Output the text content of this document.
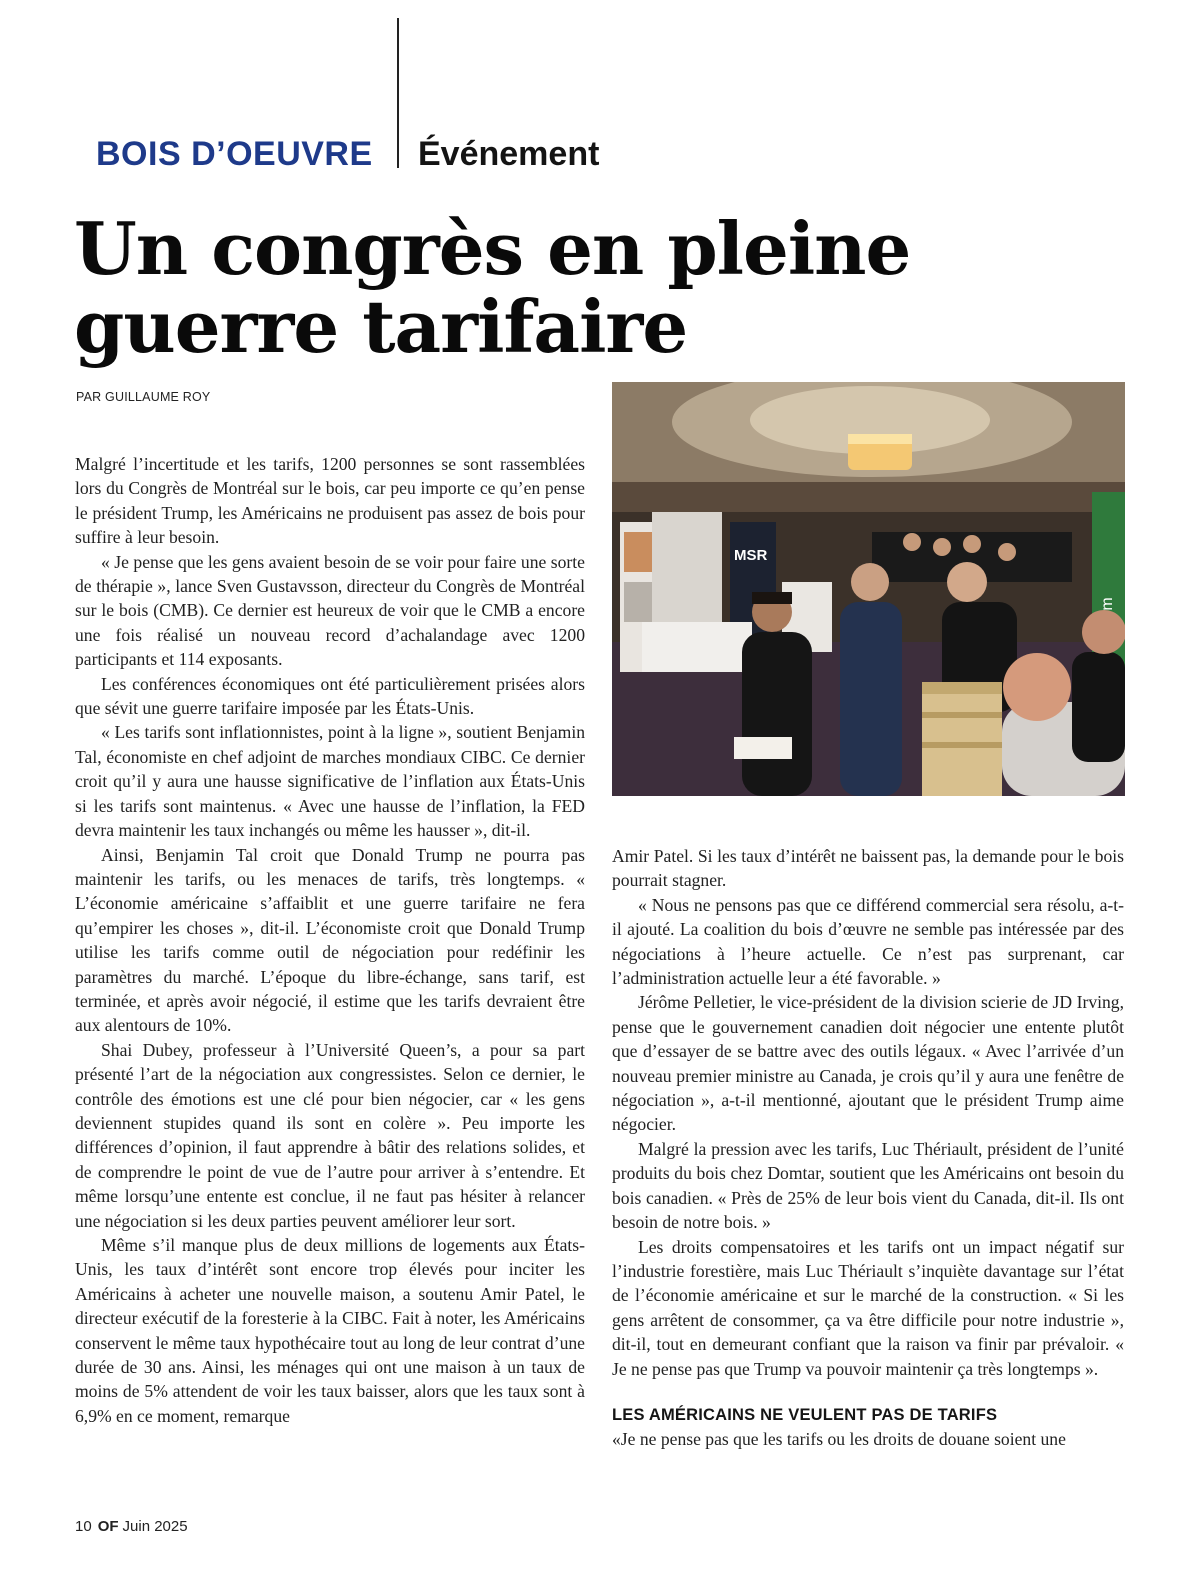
BOIS D’OEUVRE Événement
Un congrès en pleine guerre tarifaire
PAR GUILLAUME ROY

Malgré l’incertitude et les tarifs, 1200 personnes se sont rassemblées lors du Congrès de Montréal sur le bois, car peu importe ce qu’en pense le président Trump, les Américains ne produisent pas assez de bois pour suffire à leur besoin.

« Je pense que les gens avaient besoin de se voir pour faire une sorte de thérapie », lance Sven Gustavsson, directeur du Congrès de Montréal sur le bois (CMB). Ce dernier est heureux de voir que le CMB a encore une fois réalisé un nouveau record d’achalandage avec 1200 participants et 114 exposants.

Les conférences économiques ont été particulièrement prisées alors que sévit une guerre tarifaire imposée par les États-Unis.

« Les tarifs sont inflationnistes, point à la ligne », soutient Benjamin Tal, économiste en chef adjoint de marches mondiaux CIBC. Ce dernier croit qu’il y aura une hausse significative de l’inflation aux États-Unis si les tarifs sont maintenus. « Avec une hausse de l’inflation, la FED devra maintenir les taux inchangés ou même les hausser », dit-il.

Ainsi, Benjamin Tal croit que Donald Trump ne pourra pas maintenir les tarifs, ou les menaces de tarifs, très longtemps. « L’économie américaine s’affaiblit et une guerre tarifaire ne fera qu’empirer les choses », dit-il. L’économiste croit que Donald Trump utilise les tarifs comme outil de négociation pour redéfinir les paramètres du marché. L’époque du libre-échange, sans tarif, est terminée, et après avoir négocié, il estime que les tarifs devraient être aux alentours de 10%.

Shai Dubey, professeur à l’Université Queen’s, a pour sa part présenté l’art de la négociation aux congressistes. Selon ce dernier, le contrôle des émotions est une clé pour bien négocier, car « les gens deviennent stupides quand ils sont en colère ». Peu importe les différences d’opinion, il faut apprendre à bâtir des relations solides, et de comprendre le point de vue de l’autre pour arriver à s’entendre. Et même lorsqu’une entente est conclue, il ne faut pas hésiter à relancer une négociation si les deux parties peuvent améliorer leur sort.

Même s’il manque plus de deux millions de logements aux États-Unis, les taux d’intérêt sont encore trop élevés pour inciter les Américains à acheter une nouvelle maison, a soutenu Amir Patel, le directeur exécutif de la foresterie à la CIBC. Fait à noter, les Américains conservent le même taux hypothécaire tout au long de leur contrat d’une durée de 30 ans. Ainsi, les ménages qui ont une maison à un taux de moins de 5% attendent de voir les taux baisser, alors que les taux sont à 6,9% en ce moment, remarque

MSR

Amir Patel. Si les taux d’intérêt ne baissent pas, la demande pour le bois pourrait stagner.

« Nous ne pensons pas que ce différend commercial sera résolu, a-t-il ajouté. La coalition du bois d’œuvre ne semble pas intéressée par des négociations à l’heure actuelle. Ce n’est pas surprenant, car l’administration actuelle leur a été favorable. »

Jérôme Pelletier, le vice-président de la division scierie de JD Irving, pense que le gouvernement canadien doit négocier une entente plutôt que d’essayer de se battre avec des outils légaux. « Avec l’arrivée d’un nouveau premier ministre au Canada, je crois qu’il y aura une fenêtre de négociation », a-t-il mentionné, ajoutant que le président Trump aime négocier.

Malgré la pression avec les tarifs, Luc Thériault, président de l’unité produits du bois chez Domtar, soutient que les Américains ont besoin du bois canadien. « Près de 25% de leur bois vient du Canada, dit-il. Ils ont besoin de notre bois. »

Les droits compensatoires et les tarifs ont un impact négatif sur l’industrie forestière, mais Luc Thériault s’inquiète davantage sur l’état de l’économie américaine et sur le marché de la construction. « Si les gens arrêtent de consommer, ça va être difficile pour notre industrie », dit-il, tout en demeurant confiant que la raison va finir par prévaloir. « Je ne pense pas que Trump va pouvoir maintenir ça très longtemps ».

LES AMÉRICAINS NE VEULENT PAS DE TARIFS

«Je ne pense pas que les tarifs ou les droits de douane soient une

10 OF Juin 2025
